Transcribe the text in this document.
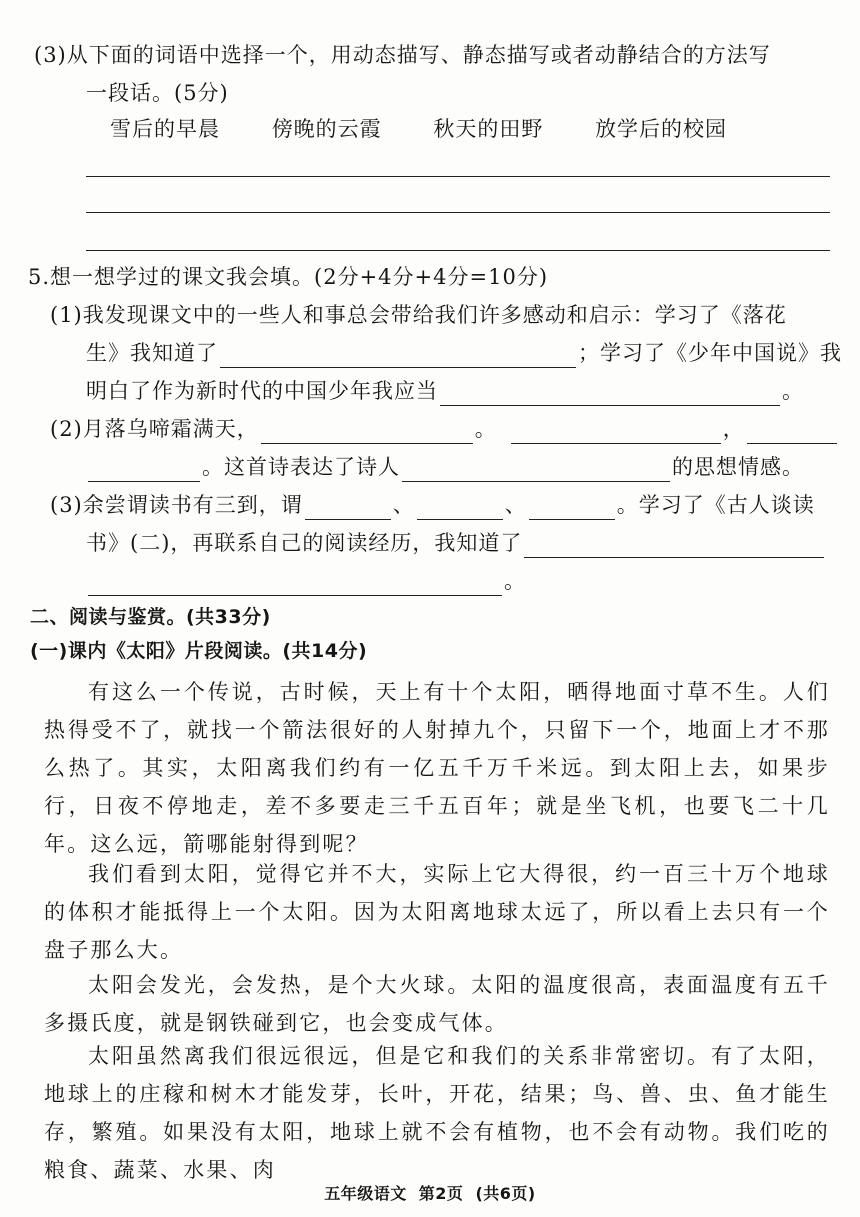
(3)从下面的词语中选择一个，用动态描写、静态描写或者动静结合的方法写
一段话。(5分)
雪后的早晨 傍晚的云霞 秋天的田野 放学后的校园
5.想一想学过的课文我会填。(2分+4分+4分=10分)
(1)我发现课文中的一些人和事总会带给我们许多感动和启示：学习了《落花
生》我知道了	；学习了《少年中国说》我
明白了作为新时代的中国少年我应当	。
(2)月落乌啼霜满天，	。	，
。这首诗表达了诗人	的思想情感。
(3)余尝谓读书有三到，谓	、	、	。学习了《古人谈读
书》(二)，再联系自己的阅读经历，我知道了
。
二、阅读与鉴赏。(共33分)
(一)课内《太阳》片段阅读。(共14分)
有这么一个传说，古时候，天上有十个太阳，晒得地面寸草不生。人们热得受不了，就找一个箭法很好的人射掉九个，只留下一个，地面上才不那么热了。其实，太阳离我们约有一亿五千万千米远。到太阳上去，如果步行，日夜不停地走，差不多要走三千五百年；就是坐飞机，也要飞二十几年。这么远，箭哪能射得到呢？
我们看到太阳，觉得它并不大，实际上它大得很，约一百三十万个地球的体积才能抵得上一个太阳。因为太阳离地球太远了，所以看上去只有一个盘子那么大。
太阳会发光，会发热，是个大火球。太阳的温度很高，表面温度有五千多摄氏度，就是钢铁碰到它，也会变成气体。
太阳虽然离我们很远很远，但是它和我们的关系非常密切。有了太阳，地球上的庄稼和树木才能发芽，长叶，开花，结果；鸟、兽、虫、鱼才能生存，繁殖。如果没有太阳，地球上就不会有植物，也不会有动物。我们吃的粮食、蔬菜、水果、肉
五年级语文 第2页 (共6页)
